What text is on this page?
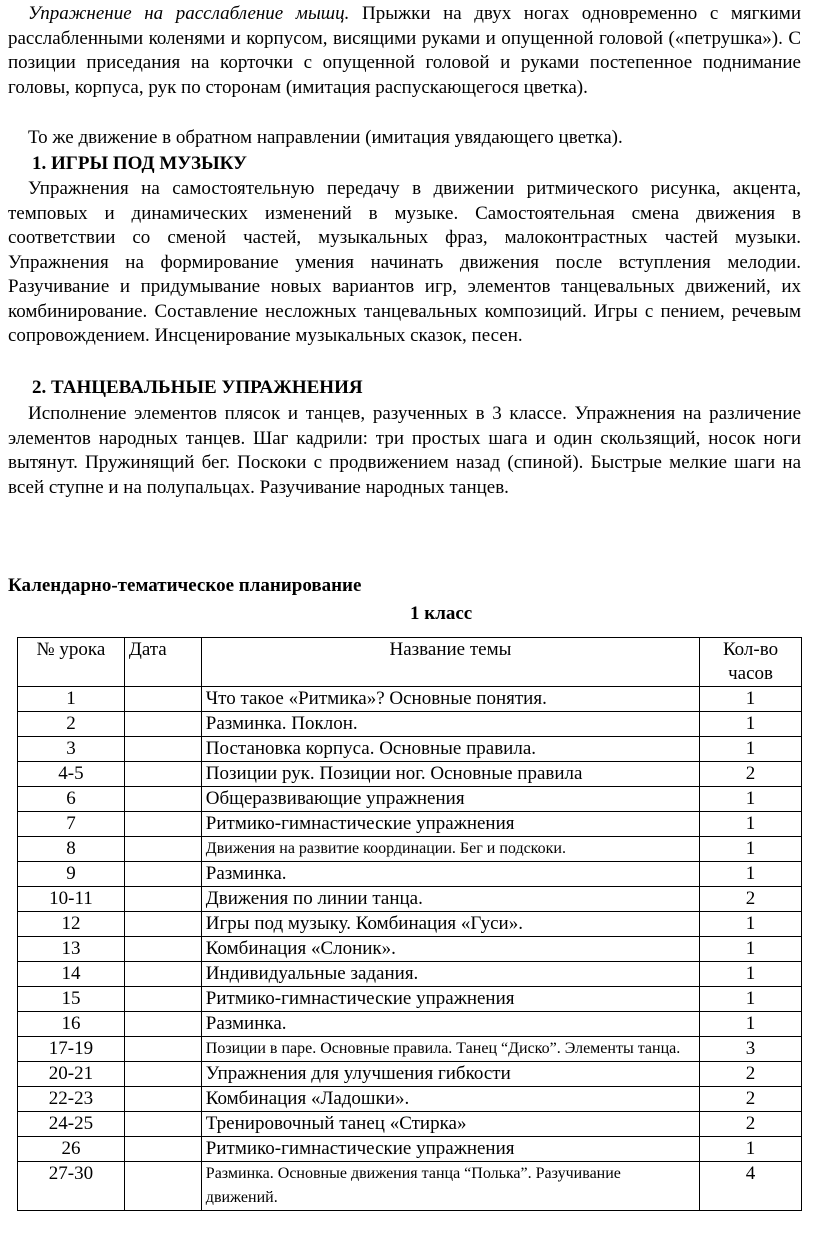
Упражнение на расслабление мышц. Прыжки на двух ногах одновременно с мягкими расслабленными коленями и корпусом, висящими руками и опущенной головой («петрушка»). С позиции приседания на корточки с опущенной головой и руками постепенное поднимание головы, корпуса, рук по сторонам (имитация распускающегося цветка).

То же движение в обратном направлении (имитация увядающего цветка).

1. ИГРЫ ПОД МУЗЫКУ

Упражнения на самостоятельную передачу в движении ритмического рисунка, акцента, темповых и динамических изменений в музыке. Самостоятельная смена движения в соответствии со сменой частей, музыкальных фраз, малоконтрастных частей музыки. Упражнения на формирование умения начинать движения после вступления мелодии. Разучивание и придумывание новых вариантов игр, элементов танцевальных движений, их комбинирование. Составление несложных танцевальных композиций. Игры с пением, речевым сопровождением. Инсценирование музыкальных сказок, песен.

2. ТАНЦЕВАЛЬНЫЕ УПРАЖНЕНИЯ

Исполнение элементов плясок и танцев, разученных в 3 классе. Упражнения на различение элементов народных танцев. Шаг кадрили: три простых шага и один скользящий, носок ноги вытянут. Пружинящий бег. Поскоки с продвижением назад (спиной). Быстрые мелкие шаги на всей ступне и на полупальцах. Разучивание народных танцев.

Календарно-тематическое планирование
1 класс
№ урока	Дата	Название темы	Кол-во часов
1		Что такое «Ритмика»? Основные понятия.	1
2		Разминка. Поклон.	1
3		Постановка корпуса. Основные правила.	1
4-5		Позиции рук. Позиции ног. Основные правила	2
6		Общеразвивающие упражнения	1
7		Ритмико-гимнастические упражнения	1
8		Движения на развитие координации. Бег и подскоки.	1
9		Разминка.	1
10-11		Движения по линии танца.	2
12		Игры под музыку. Комбинация «Гуси».	1
13		Комбинация «Слоник».	1
14		Индивидуальные задания.	1
15		Ритмико-гимнастические упражнения	1
16		Разминка.	1
17-19		Позиции в паре. Основные правила. Танец “Диско”. Элементы танца.	3
20-21		Упражнения для улучшения гибкости	2
22-23		Комбинация «Ладошки».	2
24-25		Тренировочный танец «Стирка»	2
26		Ритмико-гимнастические упражнения	1
27-30		Разминка. Основные движения танца “Полька”. Разучивание движений.	4
